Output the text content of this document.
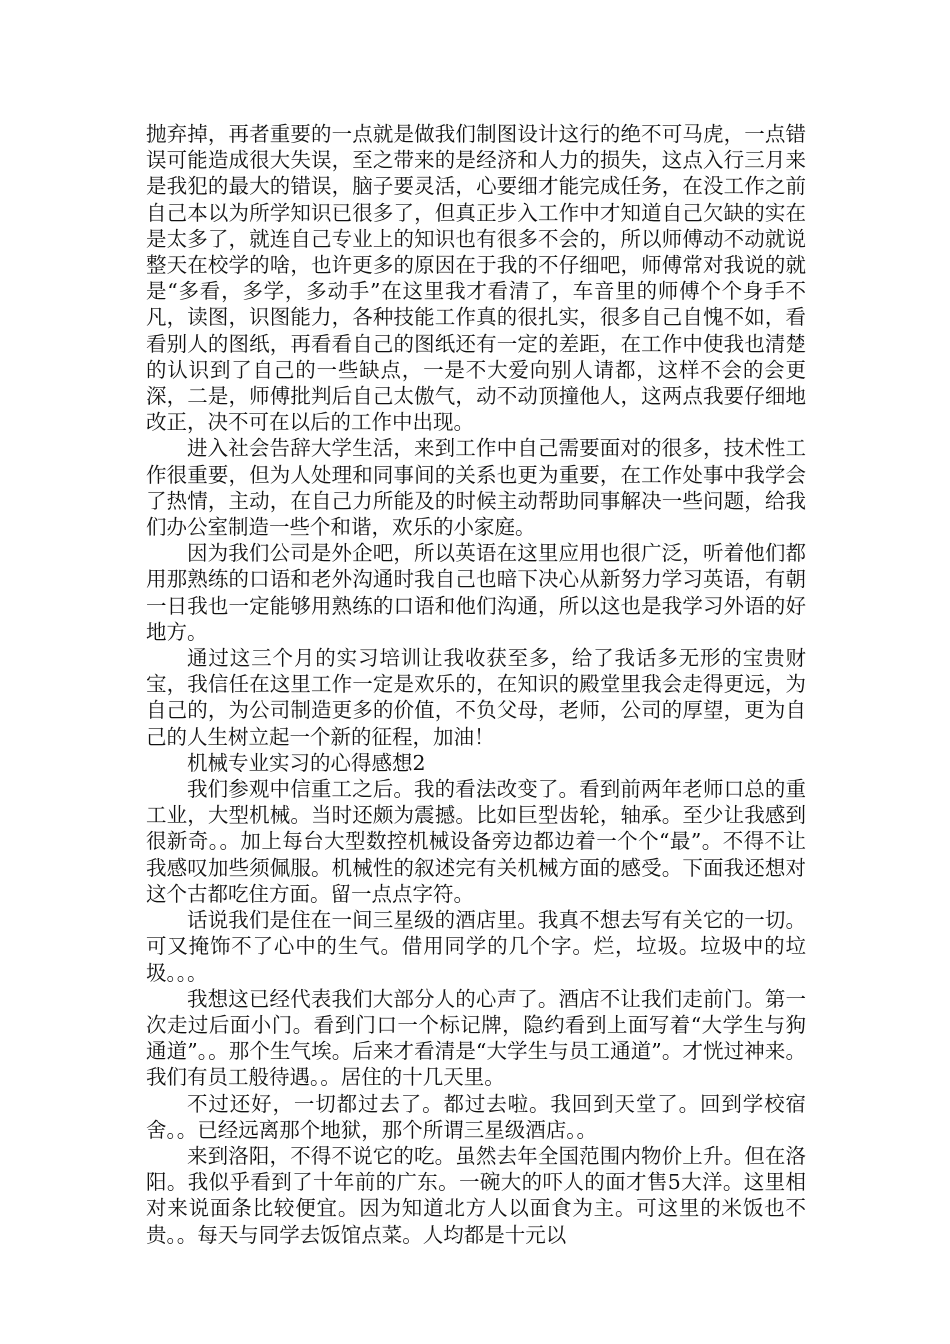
抛弃掉，再者重要的一点就是做我们制图设计这行的绝不可马虎，一点错误可能造成很大失误，至之带来的是经济和人力的损失，这点入行三月来是我犯的最大的错误，脑子要灵活，心要细才能完成任务，在没工作之前自己本以为所学知识已很多了，但真正步入工作中才知道自己欠缺的实在是太多了，就连自己专业上的知识也有很多不会的，所以师傅动不动就说整天在校学的啥，也许更多的原因在于我的不仔细吧，师傅常对我说的就是“多看，多学，多动手”在这里我才看清了，车音里的师傅个个身手不凡，读图，识图能力，各种技能工作真的很扎实，很多自己自愧不如，看看别人的图纸，再看看自己的图纸还有一定的差距，在工作中使我也清楚的认识到了自己的一些缺点，一是不大爱向别人请都，这样不会的会更深，二是，师傅批判后自己太傲气，动不动顶撞他人，这两点我要仔细地改正，决不可在以后的工作中出现。

进入社会告辞大学生活，来到工作中自己需要面对的很多，技术性工作很重要，但为人处理和同事间的关系也更为重要，在工作处事中我学会了热情，主动，在自己力所能及的时候主动帮助同事解决一些问题，给我们办公室制造一些个和谐，欢乐的小家庭。

因为我们公司是外企吧，所以英语在这里应用也很广泛，听着他们都用那熟练的口语和老外沟通时我自己也暗下决心从新努力学习英语，有朝一日我也一定能够用熟练的口语和他们沟通，所以这也是我学习外语的好地方。

通过这三个月的实习培训让我收获至多，给了我话多无形的宝贵财宝，我信任在这里工作一定是欢乐的，在知识的殿堂里我会走得更远，为自己的，为公司制造更多的价值，不负父母，老师，公司的厚望，更为自己的人生树立起一个新的征程，加油！

机械专业实习的心得感想2

我们参观中信重工之后。我的看法改变了。看到前两年老师口总的重工业，大型机械。当时还颇为震撼。比如巨型齿轮，轴承。至少让我感到很新奇。。加上每台大型数控机械设备旁边都边着一个个“最”。不得不让我感叹加些须佩服。机械性的叙述完有关机械方面的感受。下面我还想对这个古都吃住方面。留一点点字符。

话说我们是住在一间三星级的酒店里。我真不想去写有关它的一切。可又掩饰不了心中的生气。借用同学的几个字。烂，垃圾。垃圾中的垃圾。。。

我想这已经代表我们大部分人的心声了。酒店不让我们走前门。第一次走过后面小门。看到门口一个标记牌，隐约看到上面写着“大学生与狗通道”。。那个生气埃。后来才看清是“大学生与员工通道”。才恍过神来。我们有员工般待遇。。居住的十几天里。

不过还好，一切都过去了。都过去啦。我回到天堂了。回到学校宿舍。。已经远离那个地狱，那个所谓三星级酒店。。

来到洛阳，不得不说它的吃。虽然去年全国范围内物价上升。但在洛阳。我似乎看到了十年前的广东。一碗大的吓人的面才售5大洋。这里相对来说面条比较便宜。因为知道北方人以面食为主。可这里的米饭也不贵。。每天与同学去饭馆点菜。人均都是十元以
